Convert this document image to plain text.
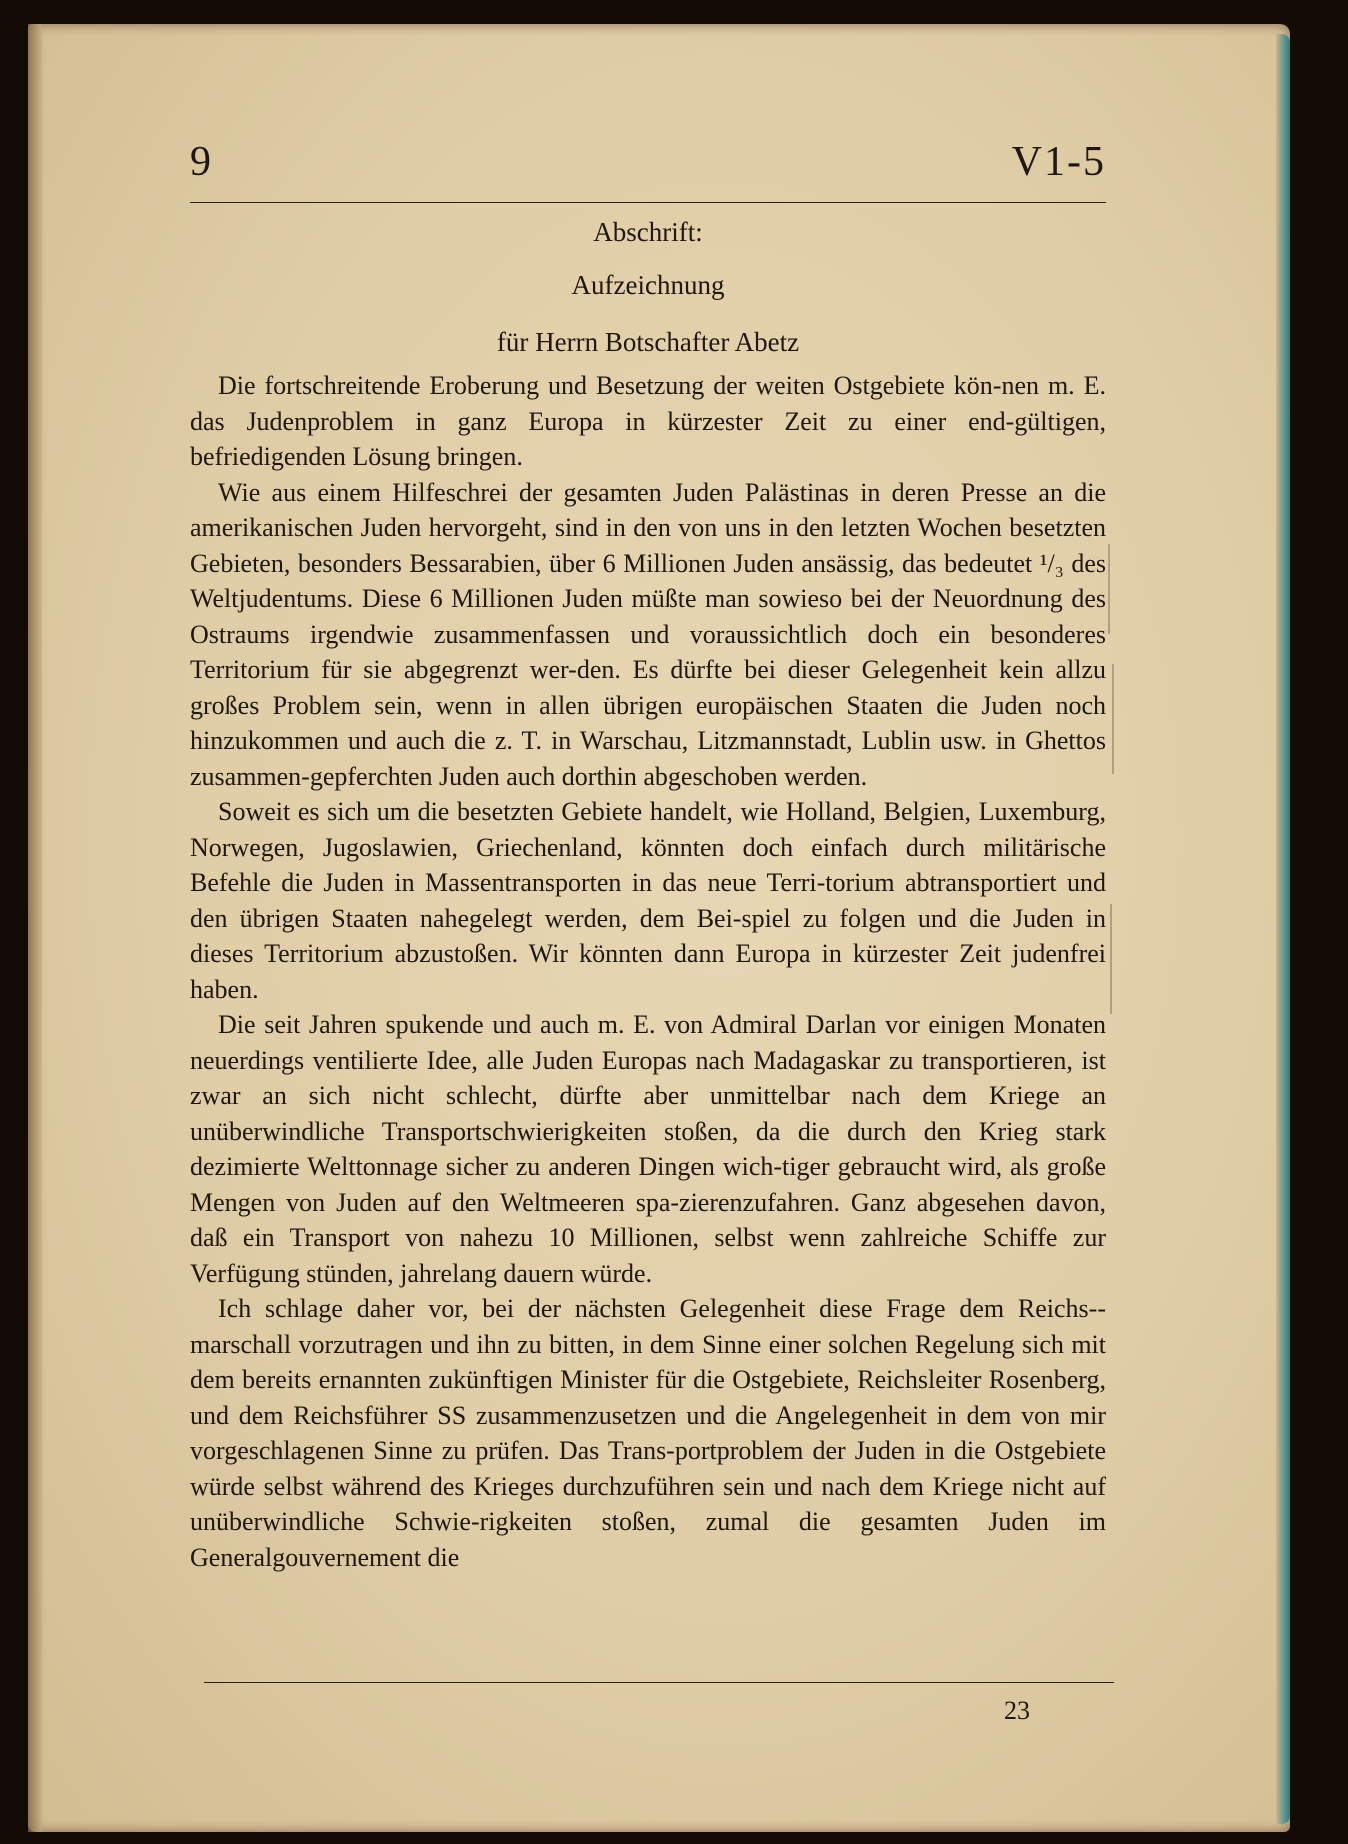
9	V1-5
Abschrift:
Aufzeichnung
für Herrn Botschafter Abetz

Die fortschreitende Eroberung und Besetzung der weiten Ostgebiete kön-nen m. E. das Judenproblem in ganz Europa in kürzester Zeit zu einer end-gültigen, befriedigenden Lösung bringen.

Wie aus einem Hilfeschrei der gesamten Juden Palästinas in deren Presse an die amerikanischen Juden hervorgeht, sind in den von uns in den letzten Wochen besetzten Gebieten, besonders Bessarabien, über 6 Millionen Juden ansässig, das bedeutet ¹/₃ des Weltjudentums. Diese 6 Millionen Juden müßte man sowieso bei der Neuordnung des Ostraums irgendwie zusammenfassen und voraussichtlich doch ein besonderes Territorium für sie abgegrenzt wer-den. Es dürfte bei dieser Gelegenheit kein allzu großes Problem sein, wenn in allen übrigen europäischen Staaten die Juden noch hinzukommen und auch die z. T. in Warschau, Litzmannstadt, Lublin usw. in Ghettos zusammen-gepferchten Juden auch dorthin abgeschoben werden.

Soweit es sich um die besetzten Gebiete handelt, wie Holland, Belgien, Luxemburg, Norwegen, Jugoslawien, Griechenland, könnten doch einfach durch militärische Befehle die Juden in Massentransporten in das neue Terri-torium abtransportiert und den übrigen Staaten nahegelegt werden, dem Bei-spiel zu folgen und die Juden in dieses Territorium abzustoßen. Wir könnten dann Europa in kürzester Zeit judenfrei haben.

Die seit Jahren spukende und auch m. E. von Admiral Darlan vor einigen Monaten neuerdings ventilierte Idee, alle Juden Europas nach Madagaskar zu transportieren, ist zwar an sich nicht schlecht, dürfte aber unmittelbar nach dem Kriege an unüberwindliche Transportschwierigkeiten stoßen, da die durch den Krieg stark dezimierte Welttonnage sicher zu anderen Dingen wich-tiger gebraucht wird, als große Mengen von Juden auf den Weltmeeren spa-zierenzufahren. Ganz abgesehen davon, daß ein Transport von nahezu 10 Millionen, selbst wenn zahlreiche Schiffe zur Verfügung stünden, jahrelang dauern würde.

Ich schlage daher vor, bei der nächsten Gelegenheit diese Frage dem Reichs-marschall vorzutragen und ihn zu bitten, in dem Sinne einer solchen Regelung sich mit dem bereits ernannten zukünftigen Minister für die Ostgebiete, Reichsleiter Rosenberg, und dem Reichsführer SS zusammenzusetzen und die Angelegenheit in dem von mir vorgeschlagenen Sinne zu prüfen. Das Trans-portproblem der Juden in die Ostgebiete würde selbst während des Krieges durchzuführen sein und nach dem Kriege nicht auf unüberwindliche Schwie-rigkeiten stoßen, zumal die gesamten Juden im Generalgouvernement die

23
